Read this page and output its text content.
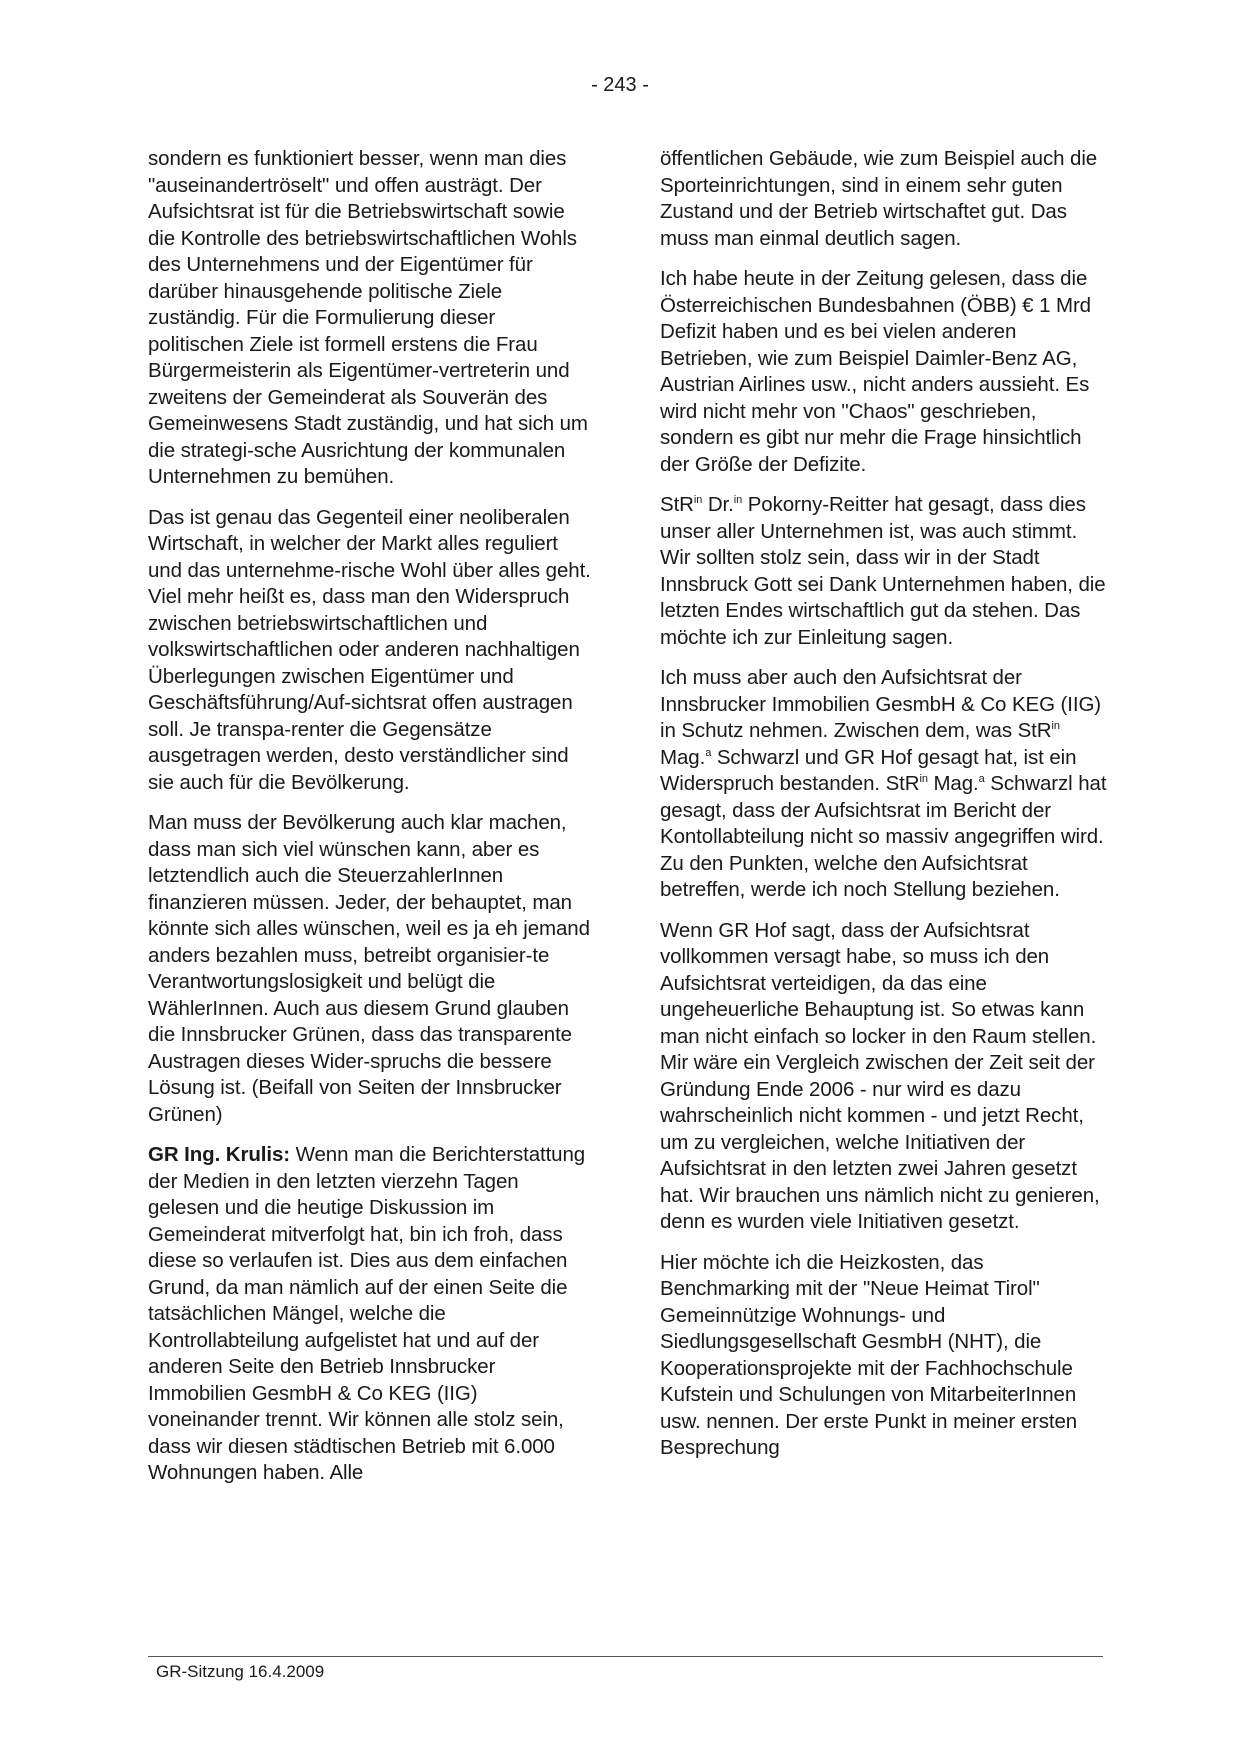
- 243 -

sondern es funktioniert besser, wenn man dies "auseinandertröselt" und offen austrägt. Der Aufsichtsrat ist für die Betriebswirtschaft sowie die Kontrolle des betriebswirtschaftlichen Wohls des Unternehmens und der Eigentümer für darüber hinausgehende politische Ziele zuständig. Für die Formulierung dieser politischen Ziele ist formell erstens die Frau Bürgermeisterin als Eigentümer-vertreterin und zweitens der Gemeinderat als Souverän des Gemeinwesens Stadt zuständig, und hat sich um die strategi-sche Ausrichtung der kommunalen Unternehmen zu bemühen.

Das ist genau das Gegenteil einer neoliberalen Wirtschaft, in welcher der Markt alles reguliert und das unternehme-rische Wohl über alles geht. Viel mehr heißt es, dass man den Widerspruch zwischen betriebswirtschaftlichen und volkswirtschaftlichen oder anderen nachhaltigen Überlegungen zwischen Eigentümer und Geschäftsführung/Auf-sichtsrat offen austragen soll. Je transpa-renter die Gegensätze ausgetragen werden, desto verständlicher sind sie auch für die Bevölkerung.

Man muss der Bevölkerung auch klar machen, dass man sich viel wünschen kann, aber es letztendlich auch die SteuerzahlerInnen finanzieren müssen. Jeder, der behauptet, man könnte sich alles wünschen, weil es ja eh jemand anders bezahlen muss, betreibt organisier-te Verantwortungslosigkeit und belügt die WählerInnen. Auch aus diesem Grund glauben die Innsbrucker Grünen, dass das transparente Austragen dieses Wider-spruchs die bessere Lösung ist. (Beifall von Seiten der Innsbrucker Grünen)

GR Ing. Krulis: Wenn man die Berichterstattung der Medien in den letzten vierzehn Tagen gelesen und die heutige Diskussion im Gemeinderat mitverfolgt hat, bin ich froh, dass diese so verlaufen ist. Dies aus dem einfachen Grund, da man nämlich auf der einen Seite die tatsächlichen Mängel, welche die Kontrollabteilung aufgelistet hat und auf der anderen Seite den Betrieb Innsbrucker Immobilien GesmbH & Co KEG (IIG) voneinander trennt. Wir können alle stolz sein, dass wir diesen städtischen Betrieb mit 6.000 Wohnungen haben. Alle

öffentlichen Gebäude, wie zum Beispiel auch die Sporteinrichtungen, sind in einem sehr guten Zustand und der Betrieb wirtschaftet gut. Das muss man einmal deutlich sagen.

Ich habe heute in der Zeitung gelesen, dass die Österreichischen Bundesbahnen (ÖBB) € 1 Mrd Defizit haben und es bei vielen anderen Betrieben, wie zum Beispiel Daimler-Benz AG, Austrian Airlines usw., nicht anders aussieht. Es wird nicht mehr von "Chaos" geschrieben, sondern es gibt nur mehr die Frage hinsichtlich der Größe der Defizite.

StR$^{in}$ Dr.$^{in}$ Pokorny-Reitter hat gesagt, dass dies unser aller Unternehmen ist, was auch stimmt. Wir sollten stolz sein, dass wir in der Stadt Innsbruck Gott sei Dank Unternehmen haben, die letzten Endes wirtschaftlich gut da stehen. Das möchte ich zur Einleitung sagen.

Ich muss aber auch den Aufsichtsrat der Innsbrucker Immobilien GesmbH & Co KEG (IIG) in Schutz nehmen. Zwischen dem, was StR$^{in}$ Mag.$^a$ Schwarzl und GR Hof gesagt hat, ist ein Widerspruch bestanden. StR$^{in}$ Mag.$^a$ Schwarzl hat gesagt, dass der Aufsichtsrat im Bericht der Kontollabteilung nicht so massiv angegriffen wird. Zu den Punkten, welche den Aufsichtsrat betreffen, werde ich noch Stellung beziehen.

Wenn GR Hof sagt, dass der Aufsichtsrat vollkommen versagt habe, so muss ich den Aufsichtsrat verteidigen, da das eine ungeheuerliche Behauptung ist. So etwas kann man nicht einfach so locker in den Raum stellen. Mir wäre ein Vergleich zwischen der Zeit seit der Gründung Ende 2006 - nur wird es dazu wahrscheinlich nicht kommen - und jetzt Recht, um zu vergleichen, welche Initiativen der Aufsichtsrat in den letzten zwei Jahren gesetzt hat. Wir brauchen uns nämlich nicht zu genieren, denn es wurden viele Initiativen gesetzt.

Hier möchte ich die Heizkosten, das Benchmarking mit der "Neue Heimat Tirol" Gemeinnützige Wohnungs- und Siedlungsgesellschaft GesmbH (NHT), die Kooperationsprojekte mit der Fachhochschule Kufstein und Schulungen von MitarbeiterInnen usw. nennen. Der erste Punkt in meiner ersten Besprechung

GR-Sitzung 16.4.2009
